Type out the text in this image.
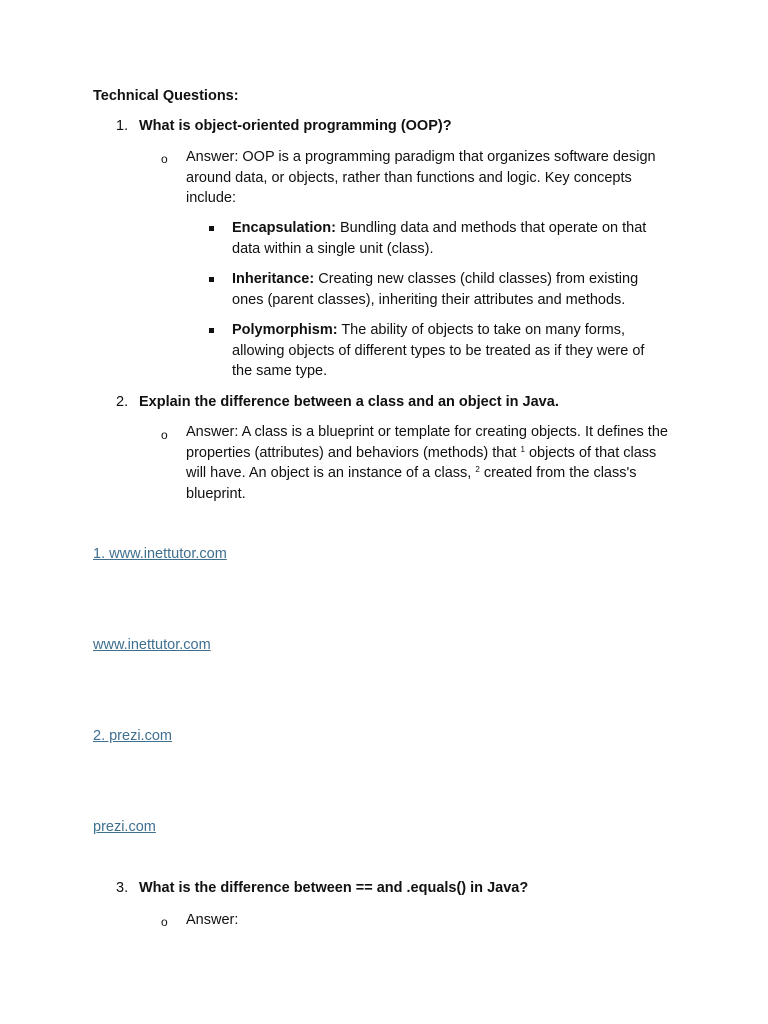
Technical Questions:
1. What is object-oriented programming (OOP)?
o Answer: OOP is a programming paradigm that organizes software design around data, or objects, rather than functions and logic. Key concepts include:
Encapsulation: Bundling data and methods that operate on that data within a single unit (class).
Inheritance: Creating new classes (child classes) from existing ones (parent classes), inheriting their attributes and methods.
Polymorphism: The ability of objects to take on many forms, allowing objects of different types to be treated as if they were of the same type.
2. Explain the difference between a class and an object in Java.
o Answer: A class is a blueprint or template for creating objects. It defines the properties (attributes) and behaviors (methods) that $^1$ objects of that class will have. An object is an instance of a class, $^2$ created from the class's blueprint.
1. www.inettutor.com
www.inettutor.com
2. prezi.com
prezi.com
3. What is the difference between == and .equals() in Java?
o Answer:
